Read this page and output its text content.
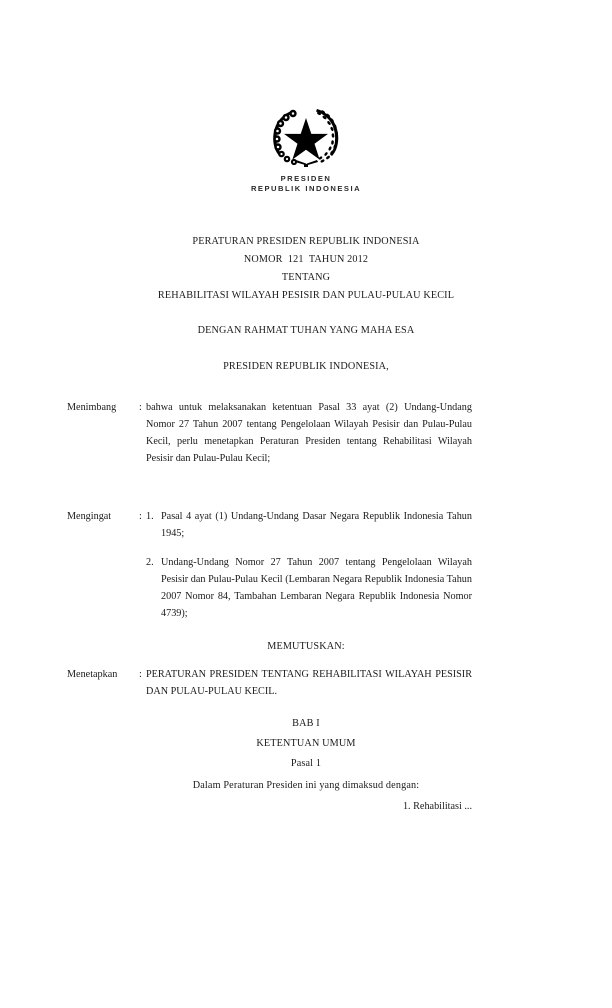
PRESIDEN
REPUBLIK INDONESIA
PERATURAN PRESIDEN REPUBLIK INDONESIA
NOMOR  121  TAHUN 2012
TENTANG
REHABILITASI WILAYAH PESISIR DAN PULAU-PULAU KECIL
DENGAN RAHMAT TUHAN YANG MAHA ESA
PRESIDEN REPUBLIK INDONESIA,
Menimbang	: bahwa untuk melaksanakan ketentuan Pasal 33 ayat (2) Undang-Undang Nomor 27 Tahun 2007 tentang Pengelolaan Wilayah Pesisir dan Pulau-Pulau Kecil, perlu menetapkan Peraturan Presiden tentang Rehabilitasi Wilayah Pesisir dan Pulau-Pulau Kecil;

Mengingat	: 1. Pasal 4 ayat (1) Undang-Undang Dasar Negara Republik Indonesia Tahun 1945;
2. Undang-Undang Nomor 27 Tahun 2007 tentang Pengelolaan Wilayah Pesisir dan Pulau-Pulau Kecil (Lembaran Negara Republik Indonesia Tahun 2007 Nomor 84, Tambahan Lembaran Negara Republik Indonesia Nomor 4739);
MEMUTUSKAN:
Menetapkan	: PERATURAN PRESIDEN TENTANG REHABILITASI WILAYAH PESISIR DAN PULAU-PULAU KECIL.

BAB I
KETENTUAN UMUM
Pasal 1
Dalam Peraturan Presiden ini yang dimaksud dengan:
1. Rehabilitasi ...
